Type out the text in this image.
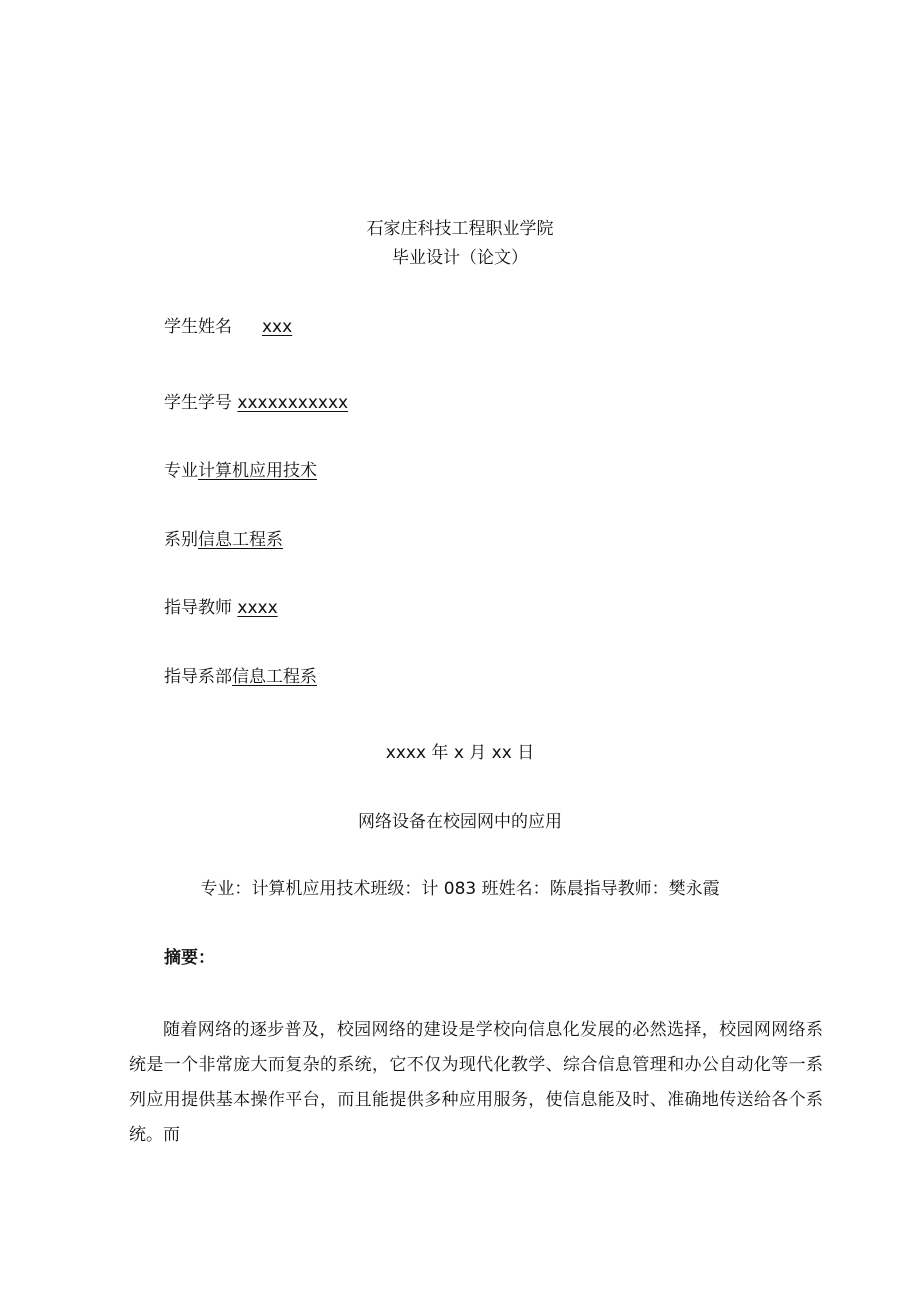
石家庄科技工程职业学院
毕业设计（论文）
学生姓名 xxx
学生学号 xxxxxxxxxxx
专业计算机应用技术
系别信息工程系
指导教师 xxxx
指导系部信息工程系
xxxx 年 x 月 xx 日
网络设备在校园网中的应用
专业：计算机应用技术班级：计 083 班姓名：陈晨指导教师：樊永霞
摘要：
随着网络的逐步普及，校园网络的建设是学校向信息化发展的必然选择，校园网网络系统是一个非常庞大而复杂的系统，它不仅为现代化教学、综合信息管理和办公自动化等一系列应用提供基本操作平台，而且能提供多种应用服务，使信息能及时、准确地传送给各个系统。而
